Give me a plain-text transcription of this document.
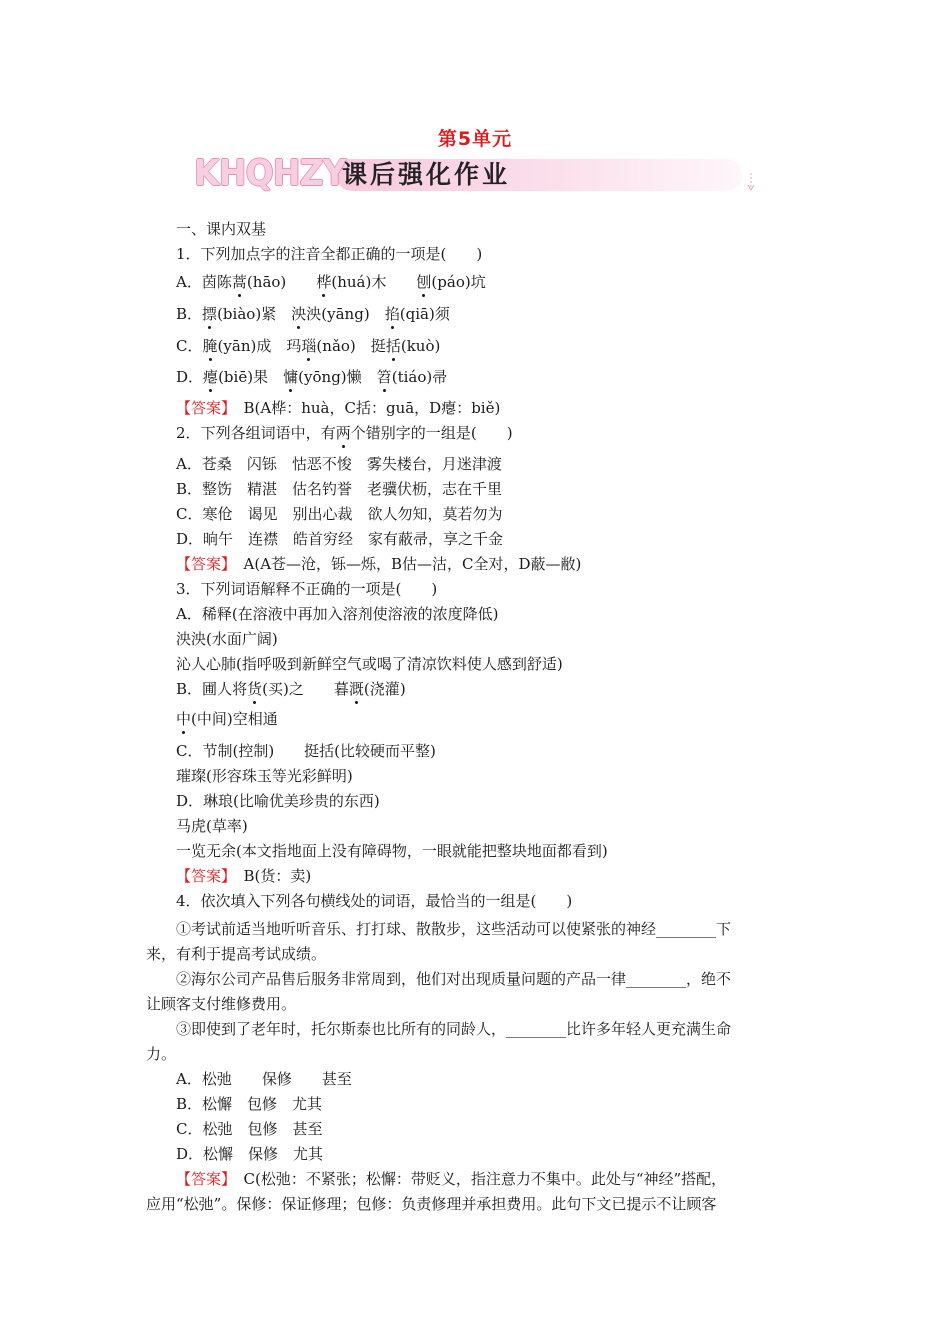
第5单元
KHQHZY
课后强化作业
一、课内双基
1．下列加点字的注音全都正确的一项是(　　)
A．茵陈蒿(hāo)　　 桦(huá)木　　 刨(páo)坑
B．摽(biào)紧　 泱泱(yāng)　 掐(qiā)须
C．腌(yān)成　 玛瑙(nǎo)　 挺括(kuò)
D．瘪(biē)果　 慵(yōng)懒　 笤(tiáo)帚
【答案】　B(A桦：huà，C括：guā，D瘪：biě)
2．下列各组词语中，有两个错别字的一组是(　　 )
A．苍桑　闪铄　怙恶不悛　雾失楼台，月迷津渡
B．整饬　精湛　估名钓誉　老骥伏枥，志在千里
C．寒伧　谒见　别出心裁　欲人勿知，莫若勿为
D．晌午　连襟　皓首穷经　家有蔽帚，享之千金
【答案】　A(A苍—沧，铄—烁，B估—沽，C全对，D蔽—敝)
3．下列词语解释不正确的一项是(　　)
A．稀释(在溶液中再加入溶剂使溶液的浓度降低)
泱泱(水面广阔)
沁人心肺(指呼吸到新鲜空气或喝了清凉饮料使人感到舒适)
B．圃人将货(买)之　　 暮溉(浇灌)
中(中间)空相通
C．节制(控制)　　挺括(比较硬而平整)
璀璨(形容珠玉等光彩鲜明)
D．琳琅(比喻优美珍贵的东西)
马虎(草率)
一览无余(本文指地面上没有障碍物，一眼就能把整块地面都看到)
【答案】　B(货：卖)
4．依次填入下列各句横线处的词语，最恰当的一组是(　　)
①考试前适当地听听音乐、打打球、散散步，这些活动可以使紧张的神经________下
来，有利于提高考试成绩。
②海尔公司产品售后服务非常周到，他们对出现质量问题的产品一律________，绝不
让顾客支付维修费用。
③即使到了老年时，托尔斯泰也比所有的同龄人，________比许多年轻人更充满生命
力。
A．松弛　　保修　　甚至
B．松懈　包修　尤其
C．松弛　包修　甚至
D．松懈　保修　尤其
【答案】　C(松弛：不紧张；松懈：带贬义，指注意力不集中。此处与“神经”搭配，
应用“松弛”。保修：保证修理；包修：负责修理并承担费用。此句下文已提示不让顾客
